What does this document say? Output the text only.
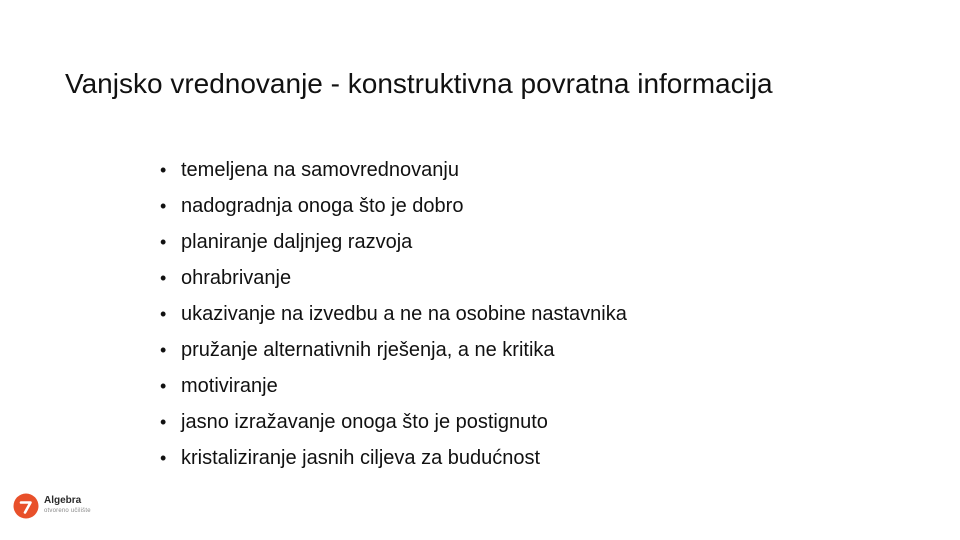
Vanjsko vrednovanje - konstruktivna povratna informacija
• temeljena na samovrednovanju
• nadogradnja onoga što je dobro
• planiranje daljnjeg razvoja
• ohrabrivanje
• ukazivanje na izvedbu a ne na osobine nastavnika
• pružanje alternativnih rješenja, a ne kritika
• motiviranje
• jasno izražavanje onoga što je postignuto
• kristaliziranje jasnih ciljeva za budućnost
Algebra
otvoreno učilište
